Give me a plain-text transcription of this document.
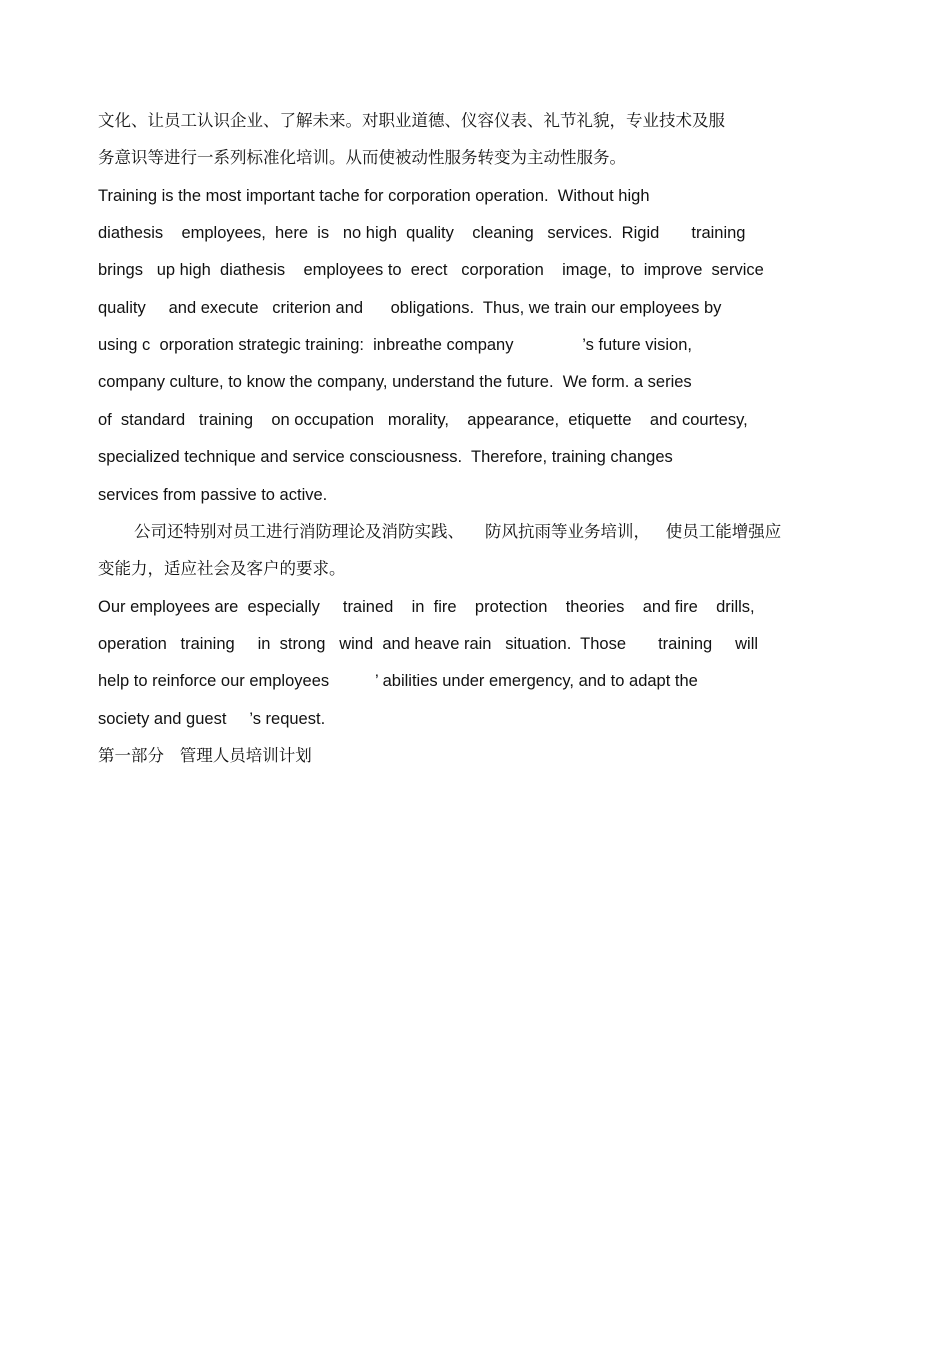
文化、让员工认识企业、了解未来。对职业道德、仪容仪表、礼节礼貌，专业技术及服
务意识等进行一系列标准化培训。从而使被动性服务转变为主动性服务。
Training is the most important tache for corporation operation.  Without high
diathesis    employees,  here  is   no high  quality    cleaning   services.  Rigid       training
brings   up high  diathesis    employees to  erect   corporation    image,  to  improve  service
quality     and execute   criterion and      obligations.  Thus, we train our employees by
using c  orporation strategic training:  inbreathe company               ’s future vision,
company culture, to know the company, understand the future.  We form. a series
of  standard   training    on occupation   morality,    appearance,  etiquette    and courtesy,
specialized technique and service consciousness.  Therefore, training changes
services from passive to active.
公司还特别对员工进行消防理论及消防实践、    防风抗雨等业务培训，   使员工能增强应
变能力，适应社会及客户的要求。
Our employees are  especially     trained    in  fire    protection    theories    and fire    drills,
operation   training     in  strong   wind  and heave rain   situation.  Those       training     will
help to reinforce our employees          ’ abilities under emergency, and to adapt the
society and guest     ’s request.
第一部分   管理人员培训计划
